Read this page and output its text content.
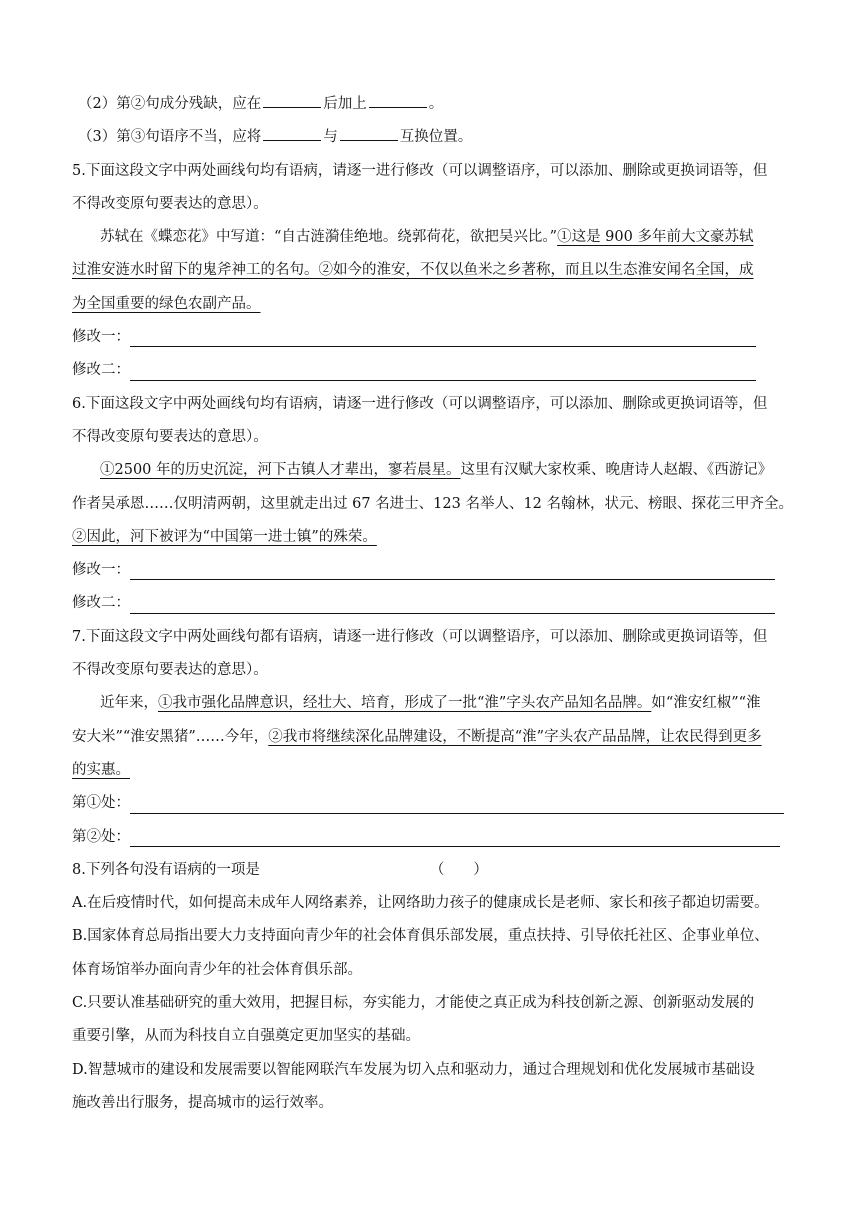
（2）第②句成分残缺，应在	后加上	。
（3）第③句语序不当，应将	与	互换位置。
5.下面这段文字中两处画线句均有语病，请逐一进行修改（可以调整语序，可以添加、删除或更换词语等，但
不得改变原句要表达的意思）。
苏轼在《蝶恋花》中写道：“自古涟漪佳绝地。绕郭荷花，欲把吴兴比。”①这是 900 多年前大文豪苏轼
过淮安涟水时留下的鬼斧神工的名句。②如今的淮安，不仅以鱼米之乡著称，而且以生态淮安闻名全国，成
为全国重要的绿色农副产品。
修改一：
修改二：
6.下面这段文字中两处画线句均有语病，请逐一进行修改（可以调整语序，可以添加、删除或更换词语等，但
不得改变原句要表达的意思）。
①2500 年的历史沉淀，河下古镇人才辈出，寥若晨星。这里有汉赋大家枚乘、晚唐诗人赵嘏、《西游记》
作者吴承恩……仅明清两朝，这里就走出过 67 名进士、123 名举人、12 名翰林，状元、榜眼、探花三甲齐全。
②因此，河下被评为“中国第一进士镇”的殊荣。
修改一：
修改二：
7.下面这段文字中两处画线句都有语病，请逐一进行修改（可以调整语序，可以添加、删除或更换词语等，但
不得改变原句要表达的意思）。
近年来，①我市强化品牌意识，经壮大、培育，形成了一批“淮”字头农产品知名品牌。如“淮安红椒”“淮
安大米”“淮安黑猪”……今年，②我市将继续深化品牌建设，不断提高“淮”字头农产品品牌，让农民得到更多
的实惠。
第①处：
第②处：
8.下列各句没有语病的一项是	（　　）
A.在后疫情时代，如何提高未成年人网络素养，让网络助力孩子的健康成长是老师、家长和孩子都迫切需要。
B.国家体育总局指出要大力支持面向青少年的社会体育俱乐部发展，重点扶持、引导依托社区、企事业单位、
体育场馆举办面向青少年的社会体育俱乐部。
C.只要认准基础研究的重大效用，把握目标，夯实能力，才能使之真正成为科技创新之源、创新驱动发展的
重要引擎，从而为科技自立自强奠定更加坚实的基础。
D.智慧城市的建设和发展需要以智能网联汽车发展为切入点和驱动力，通过合理规划和优化发展城市基础设
施改善出行服务，提高城市的运行效率。
